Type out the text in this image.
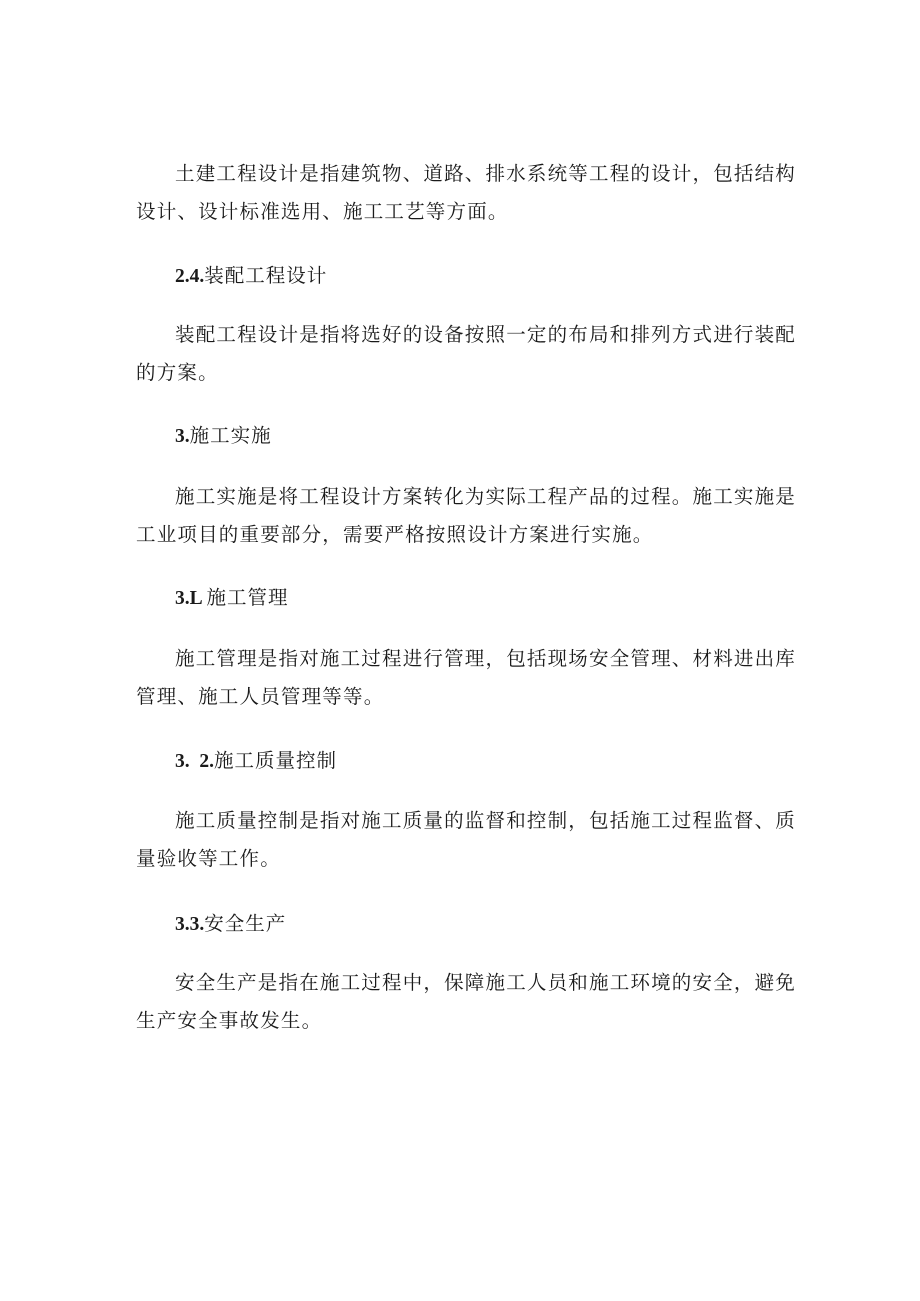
土建工程设计是指建筑物、道路、排水系统等工程的设计，包括结构设计、设计标准选用、施工工艺等方面。

2.4.装配工程设计

装配工程设计是指将选好的设备按照一定的布局和排列方式进行装配的方案。

3.施工实施

施工实施是将工程设计方案转化为实际工程产品的过程。施工实施是工业项目的重要部分，需要严格按照设计方案进行实施。

3.L 施工管理

施工管理是指对施工过程进行管理，包括现场安全管理、材料进出库管理、施工人员管理等等。

3.  2.施工质量控制

施工质量控制是指对施工质量的监督和控制，包括施工过程监督、质量验收等工作。

3.3.安全生产

安全生产是指在施工过程中，保障施工人员和施工环境的安全，避免生产安全事故发生。
